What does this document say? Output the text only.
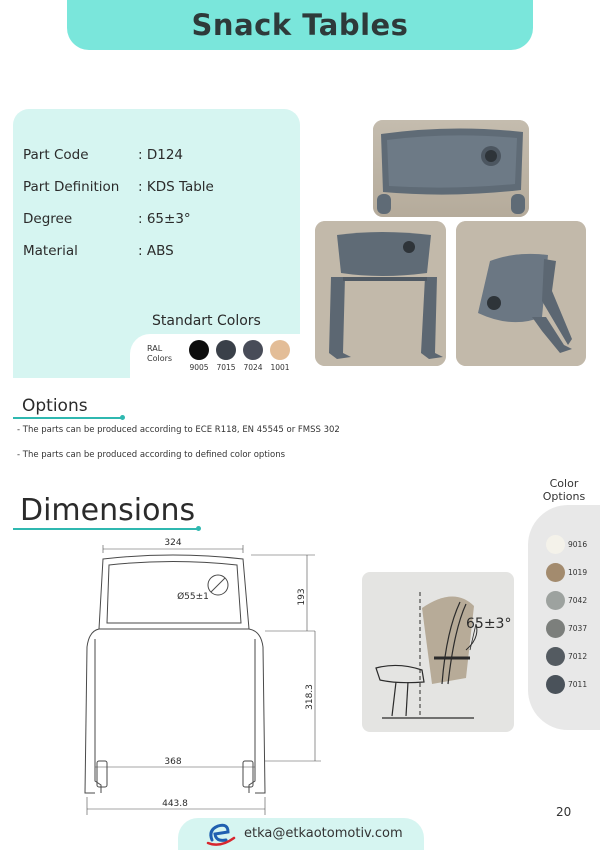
Snack Tables
Part Code	: D124
Part Definition : KDS Table
Degree	: 65±3°
Material	: ABS
Standart Colors
RAL
Colors
9005	7015	7024	1001
Options
- The parts can be produced according to ECE R118, EN 45545 or FMSS 302
- The parts can be produced according to defined color options
Dimensions
324
Ø55±1	193
318.3
368
443.8
65±3°
Color
Options
9016
1019
7042
7037
7012
7011
20
etka@etkaotomotiv.com
